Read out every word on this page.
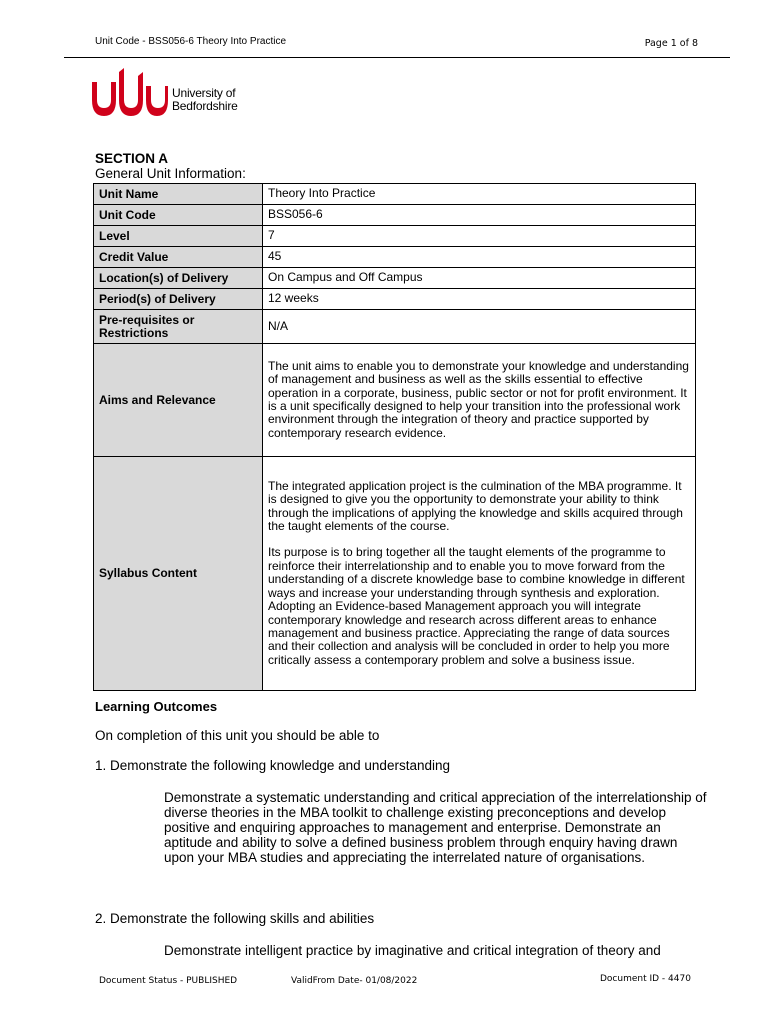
Unit Code - BSS056-6 Theory Into Practice	Page 1 of 8
University of
Bedfordshire
SECTION A
General Unit Information:
Unit Name	Theory Into Practice
Unit Code	BSS056-6
Level	7
Credit Value	45
Location(s) of Delivery	On Campus and Off Campus
Period(s) of Delivery	12 weeks
Pre-requisites or Restrictions	N/A
Aims and Relevance	The unit aims to enable you to demonstrate your knowledge and understanding of management and business as well as the skills essential to effective operation in a corporate, business, public sector or not for profit environment. It is a unit specifically designed to help your transition into the professional work environment through the integration of theory and practice supported by contemporary research evidence.

Syllabus Content	The integrated application project is the culmination of the MBA programme. It is designed to give you the opportunity to demonstrate your ability to think through the implications of applying the knowledge and skills acquired through the taught elements of the course.

Its purpose is to bring together all the taught elements of the programme to reinforce their interrelationship and to enable you to move forward from the understanding of a discrete knowledge base to combine knowledge in different ways and increase your understanding through synthesis and exploration. Adopting an Evidence-based Management approach you will integrate contemporary knowledge and research across different areas to enhance management and business practice. Appreciating the range of data sources and their collection and analysis will be concluded in order to help you more critically assess a contemporary problem and solve a business issue.

Learning Outcomes
On completion of this unit you should be able to
1. Demonstrate the following knowledge and understanding
Demonstrate a systematic understanding and critical appreciation of the interrelationship of diverse theories in the MBA toolkit to challenge existing preconceptions and develop positive and enquiring approaches to management and enterprise. Demonstrate an aptitude and ability to solve a defined business problem through enquiry having drawn upon your MBA studies and appreciating the interrelated nature of organisations.
2. Demonstrate the following skills and abilities
Demonstrate intelligent practice by imaginative and critical integration of theory and
Document Status - PUBLISHED	ValidFrom Date- 01/08/2022	Document ID - 4470
